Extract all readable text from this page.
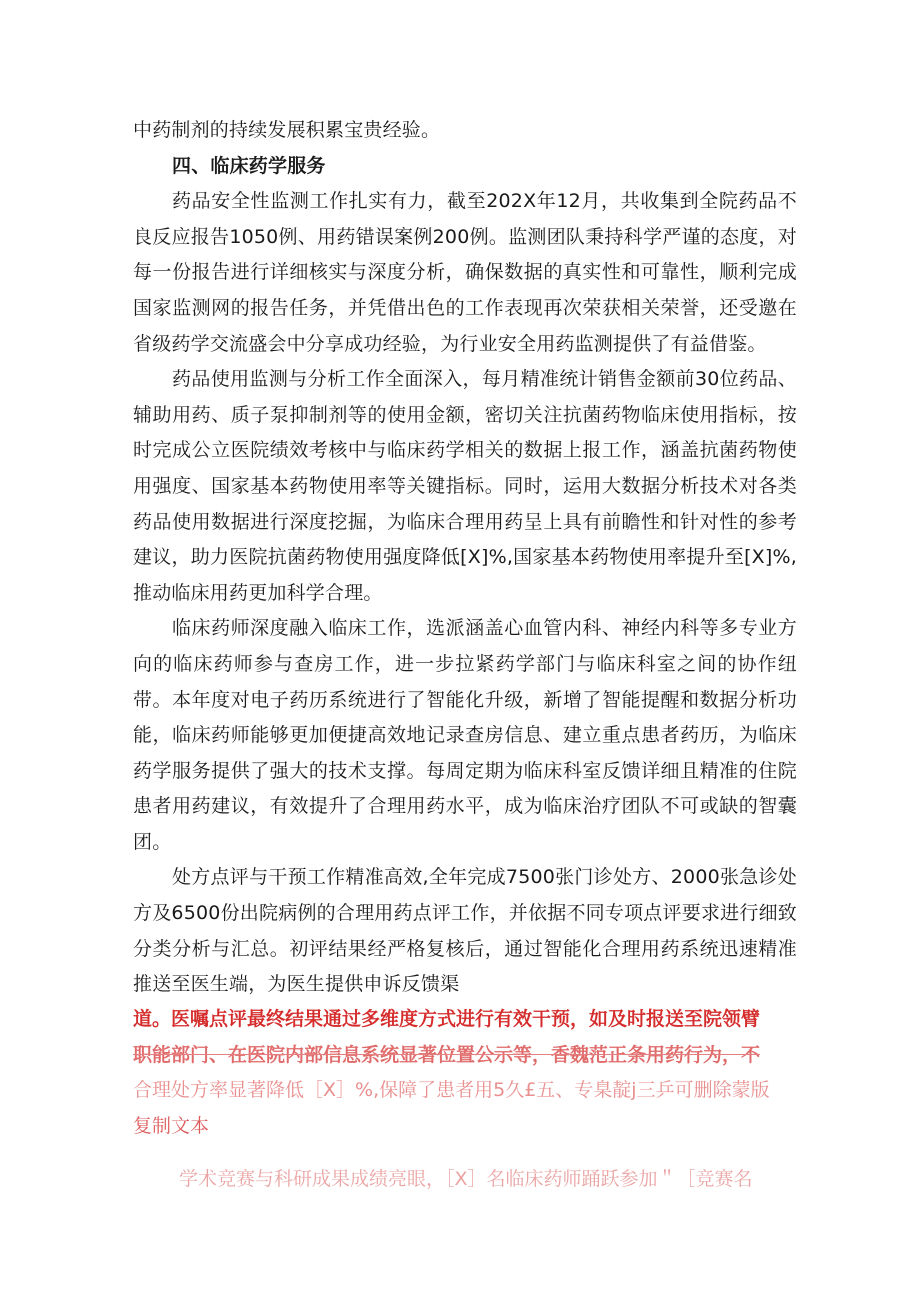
中药制剂的持续发展积累宝贵经验。

四、临床药学服务

药品安全性监测工作扎实有力，截至202X年12月，共收集到全院药品不良反应报告1050例、用药错误案例200例。监测团队秉持科学严谨的态度，对每一份报告进行详细核实与深度分析，确保数据的真实性和可靠性，顺利完成国家监测网的报告任务，并凭借出色的工作表现再次荣获相关荣誉，还受邀在省级药学交流盛会中分享成功经验，为行业安全用药监测提供了有益借鉴。

药品使用监测与分析工作全面深入，每月精准统计销售金额前30位药品、辅助用药、质子泵抑制剂等的使用金额，密切关注抗菌药物临床使用指标，按时完成公立医院绩效考核中与临床药学相关的数据上报工作，涵盖抗菌药物使用强度、国家基本药物使用率等关键指标。同时，运用大数据分析技术对各类药品使用数据进行深度挖掘，为临床合理用药呈上具有前瞻性和针对性的参考建议，助力医院抗菌药物使用强度降低[X]%,国家基本药物使用率提升至[X]%,推动临床用药更加科学合理。

临床药师深度融入临床工作，选派涵盖心血管内科、神经内科等多专业方向的临床药师参与查房工作，进一步拉紧药学部门与临床科室之间的协作纽带。本年度对电子药历系统进行了智能化升级，新增了智能提醒和数据分析功能，临床药师能够更加便捷高效地记录查房信息、建立重点患者药历，为临床药学服务提供了强大的技术支撑。每周定期为临床科室反馈详细且精准的住院患者用药建议，有效提升了合理用药水平，成为临床治疗团队不可或缺的智囊团。

处方点评与干预工作精准高效,全年完成7500张门诊处方、2000张急诊处方及6500份出院病例的合理用药点评工作，并依据不同专项点评要求进行细致分类分析与汇总。初评结果经严格复核后，通过智能化合理用药系统迅速精准推送至医生端，为医生提供申诉反馈渠

道。医嘱点评最终结果通过多维度方式进行有效干预，如及时报送至院领臂

职能部门、在医院内部信息系统显著位置公示等，香魏范正条用药行为，不

合理处方率显著降低［X］%,保障了患者用5久£五、专臬靛j三乒可删除蒙版

复制文本

学术竞赛与科研成果成绩亮眼，［X］名临床药师踊跃参加＂［竞赛名
